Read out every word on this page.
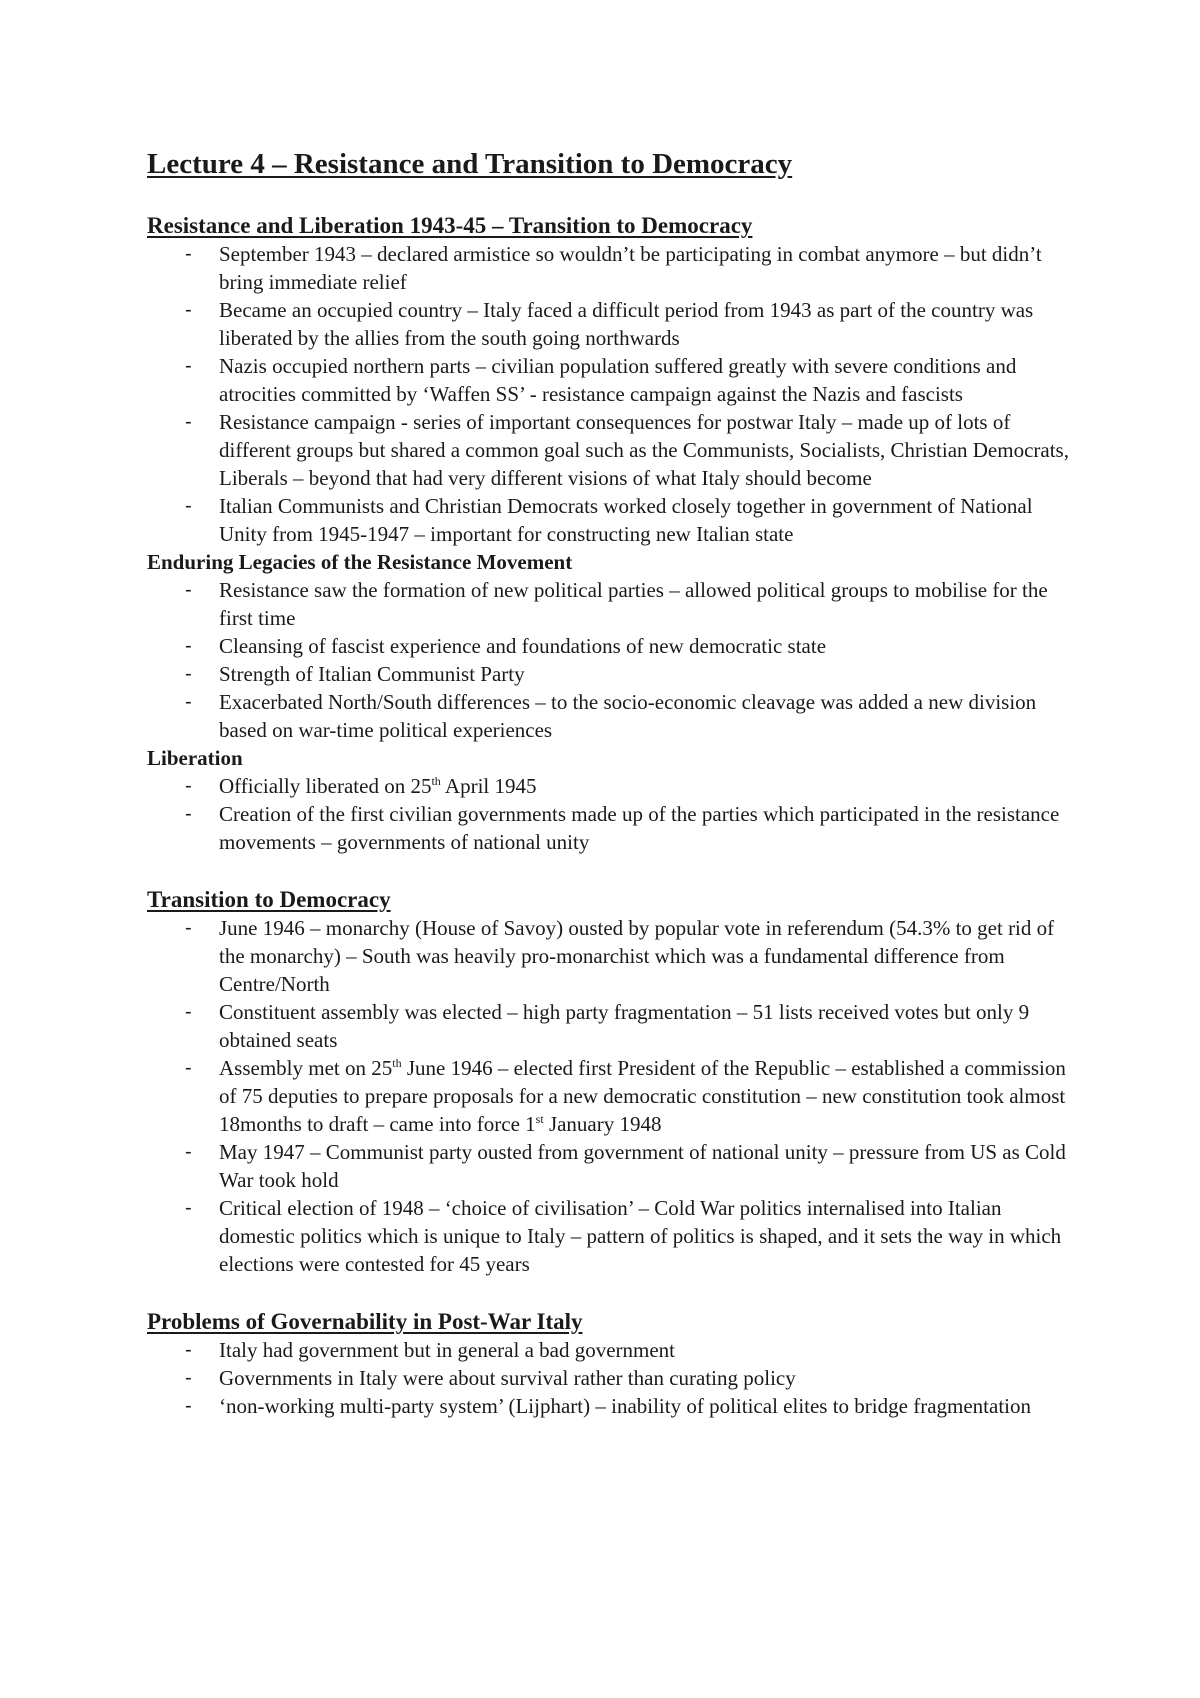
Lecture 4 – Resistance and Transition to Democracy
Resistance and Liberation 1943-45 – Transition to Democracy
- September 1943 – declared armistice so wouldn’t be participating in combat anymore – but didn’t bring immediate relief
- Became an occupied country – Italy faced a difficult period from 1943 as part of the country was liberated by the allies from the south going northwards
- Nazis occupied northern parts – civilian population suffered greatly with severe conditions and atrocities committed by ‘Waffen SS’ - resistance campaign against the Nazis and fascists
- Resistance campaign - series of important consequences for postwar Italy – made up of lots of different groups but shared a common goal such as the Communists, Socialists, Christian Democrats, Liberals – beyond that had very different visions of what Italy should become
- Italian Communists and Christian Democrats worked closely together in government of National Unity from 1945-1947 – important for constructing new Italian state
Enduring Legacies of the Resistance Movement
- Resistance saw the formation of new political parties – allowed political groups to mobilise for the first time
- Cleansing of fascist experience and foundations of new democratic state
- Strength of Italian Communist Party
- Exacerbated North/South differences – to the socio-economic cleavage was added a new division based on war-time political experiences
Liberation
- Officially liberated on 25th April 1945
- Creation of the first civilian governments made up of the parties which participated in the resistance movements – governments of national unity
Transition to Democracy
- June 1946 – monarchy (House of Savoy) ousted by popular vote in referendum (54.3% to get rid of the monarchy) – South was heavily pro-monarchist which was a fundamental difference from Centre/North
- Constituent assembly was elected – high party fragmentation – 51 lists received votes but only 9 obtained seats
- Assembly met on 25th June 1946 – elected first President of the Republic – established a commission of 75 deputies to prepare proposals for a new democratic constitution – new constitution took almost 18months to draft – came into force 1st January 1948
- May 1947 – Communist party ousted from government of national unity – pressure from US as Cold War took hold
- Critical election of 1948 – ‘choice of civilisation’ – Cold War politics internalised into Italian domestic politics which is unique to Italy – pattern of politics is shaped, and it sets the way in which elections were contested for 45 years
Problems of Governability in Post-War Italy
- Italy had government but in general a bad government
- Governments in Italy were about survival rather than curating policy
- ‘non-working multi-party system’ (Lijphart) – inability of political elites to bridge fragmentation
